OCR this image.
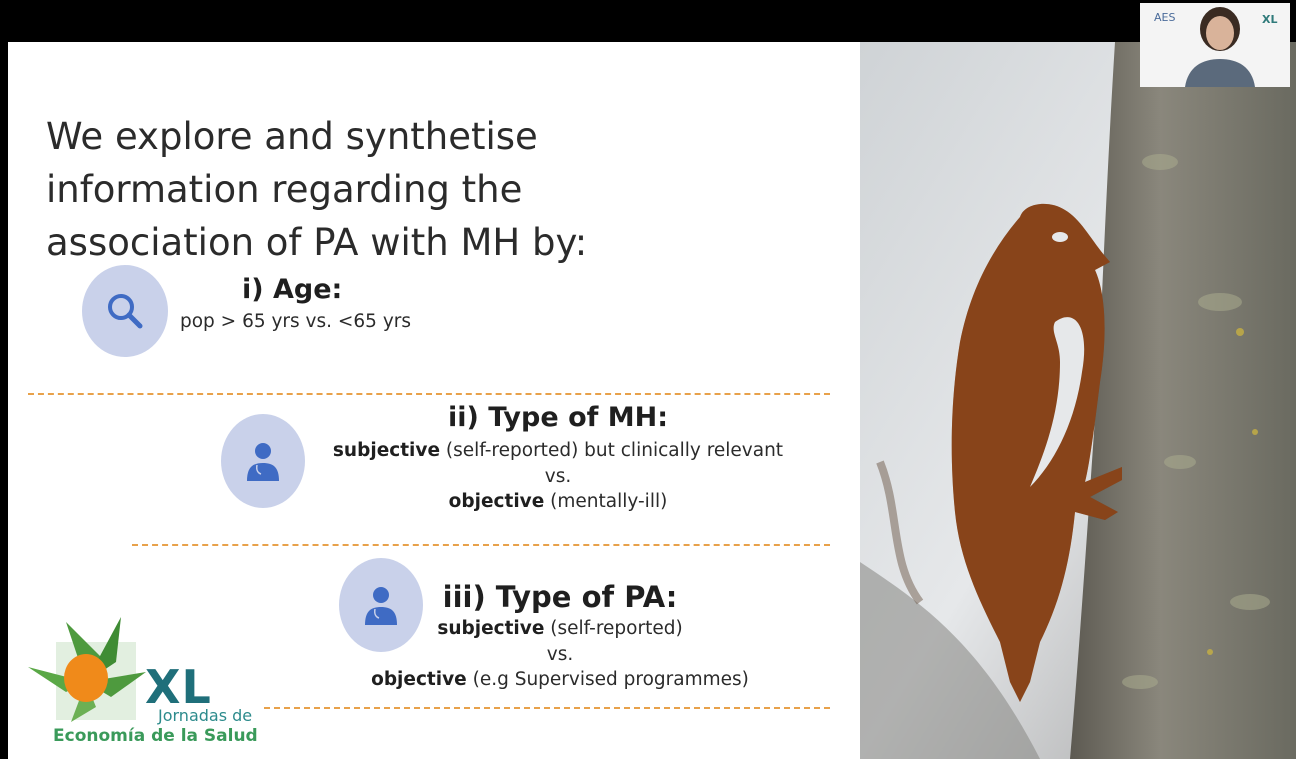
We explore and synthetise
information regarding the
association of PA with MH by:
i) Age:
pop > 65 yrs vs. <65 yrs
ii) Type of MH:
subjective (self-reported) but clinically relevant
vs.
objective (mentally-ill)
iii) Type of PA:
subjective (self-reported)
vs.
objective (e.g Supervised programmes)
XL
Jornadas de
Economía de la Salud
AES	XL
